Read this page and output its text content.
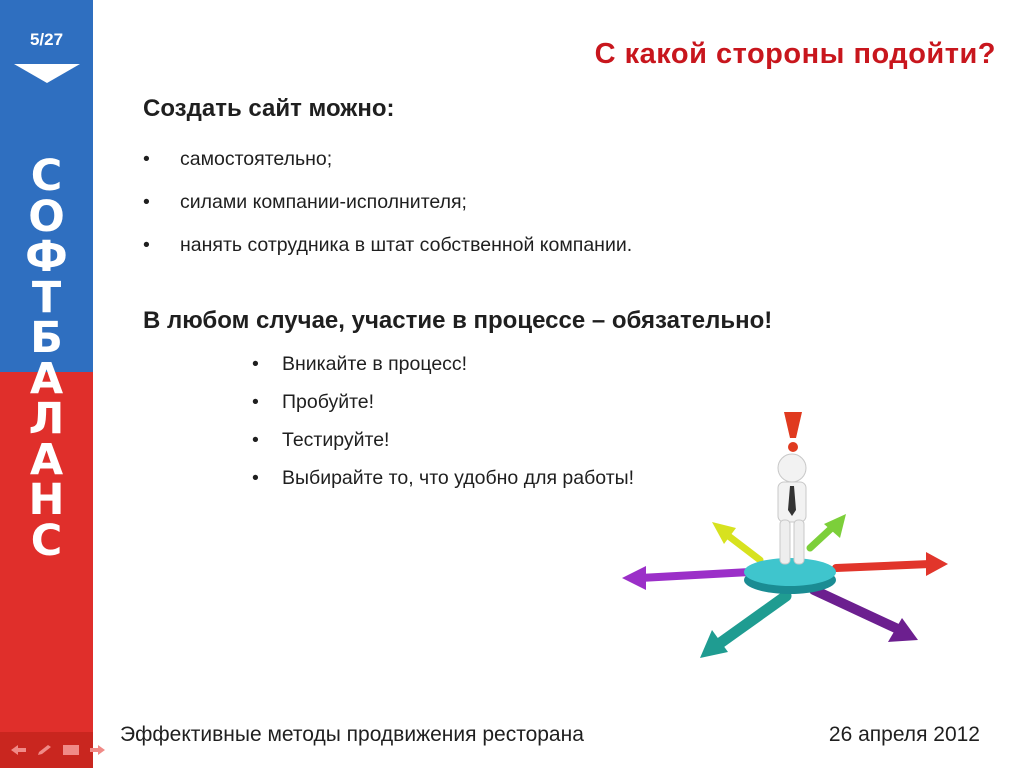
5/27
С
О
Ф
Т
Б
А
Л
А
Н
С
С какой стороны подойти?
Создать сайт можно:
• самостоятельно;
• силами компании-исполнителя;
• нанять сотрудника в штат собственной компании.
В любом случае, участие в процессе – обязательно!
• Вникайте в процесс!
• Пробуйте!
• Тестируйте!
• Выбирайте то, что удобно для работы!
Эффективные методы продвижения ресторана	26 апреля 2012
